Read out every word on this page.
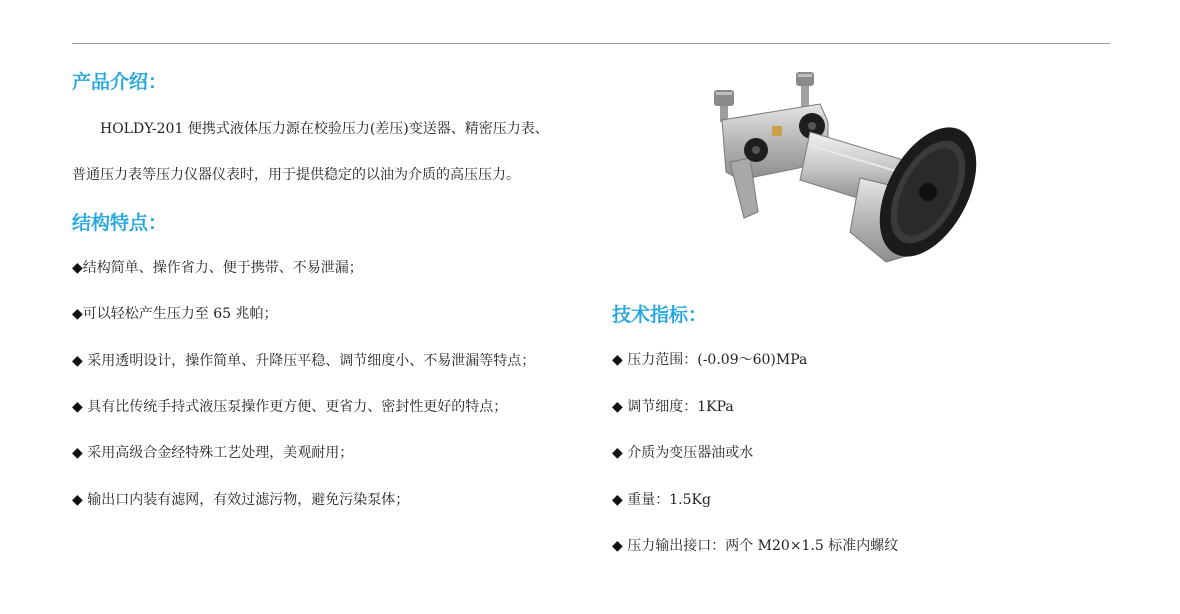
产品介绍：

HOLDY-201 便携式液体压力源在校验压力(差压)变送器、精密压力表、

普通压力表等压力仪器仪表时，用于提供稳定的以油为介质的高压压力。

结构特点：
◆结构简单、操作省力、便于携带、不易泄漏；
◆可以轻松产生压力至 65 兆帕；
◆ 采用透明设计，操作简单、升降压平稳、调节细度小、不易泄漏等特点；
◆ 具有比传统手持式液压泵操作更方便、更省力、密封性更好的特点；
◆ 采用高级合金经特殊工艺处理，美观耐用；
◆ 输出口内装有滤网，有效过滤污物，避免污染泵体；
技术指标：
◆ 压力范围：(-0.09～60)MPa
◆ 调节细度：1KPa
◆ 介质为变压器油或水
◆ 重量：1.5Kg
◆ 压力输出接口：两个 M20×1.5 标准内螺纹
